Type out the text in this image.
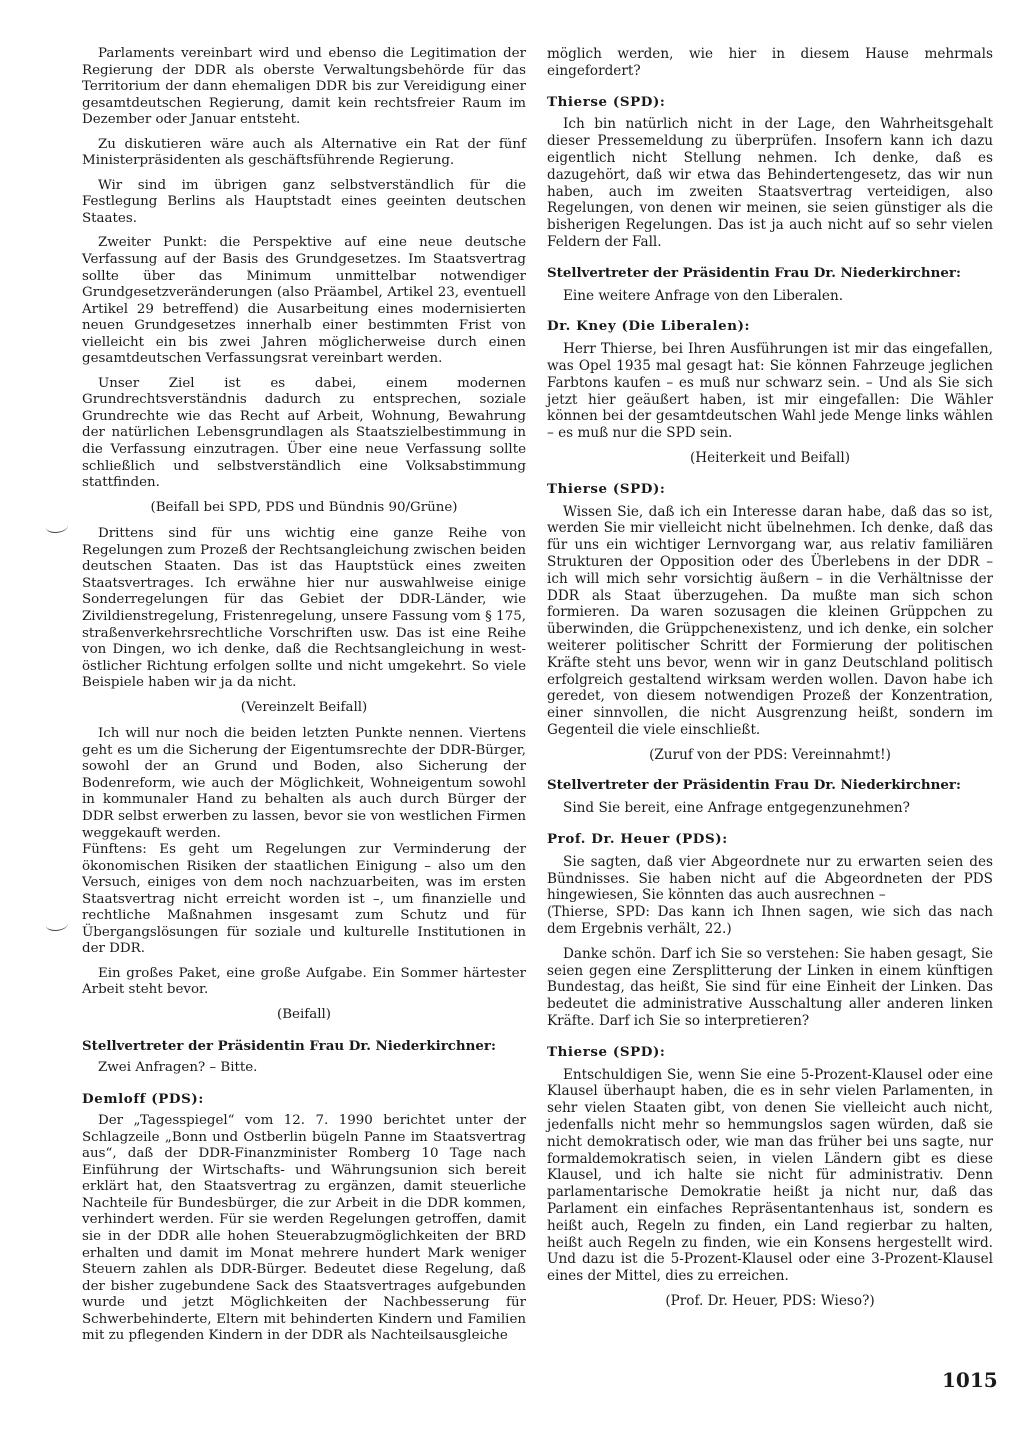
Parlaments vereinbart wird und ebenso die Legitimation der Regierung der DDR als oberste Verwaltungsbehörde für das Territorium der dann ehemaligen DDR bis zur Vereidigung einer gesamtdeutschen Regierung, damit kein rechtsfreier Raum im Dezember oder Januar entsteht.

Zu diskutieren wäre auch als Alternative ein Rat der fünf Ministerpräsidenten als geschäftsführende Regierung.

Wir sind im übrigen ganz selbstverständlich für die Festlegung Berlins als Hauptstadt eines geeinten deutschen Staates.

Zweiter Punkt: die Perspektive auf eine neue deutsche Verfassung auf der Basis des Grundgesetzes. Im Staatsvertrag sollte über das Minimum unmittelbar notwendiger Grundgesetzveränderungen (also Präambel, Artikel 23, eventuell Artikel 29 betreffend) die Ausarbeitung eines modernisierten neuen Grundgesetzes innerhalb einer bestimmten Frist von vielleicht ein bis zwei Jahren möglicherweise durch einen gesamtdeutschen Verfassungsrat vereinbart werden.

Unser Ziel ist es dabei, einem modernen Grundrechtsverständnis dadurch zu entsprechen, soziale Grundrechte wie das Recht auf Arbeit, Wohnung, Bewahrung der natürlichen Lebensgrundlagen als Staatszielbestimmung in die Verfassung einzutragen. Über eine neue Verfassung sollte schließlich und selbstverständlich eine Volksabstimmung stattfinden.

(Beifall bei SPD, PDS und Bündnis 90/Grüne)

Drittens sind für uns wichtig eine ganze Reihe von Regelungen zum Prozeß der Rechtsangleichung zwischen beiden deutschen Staaten. Das ist das Hauptstück eines zweiten Staatsvertrages. Ich erwähne hier nur auswahlweise einige Sonderregelungen für das Gebiet der DDR-Länder, wie Zivildienstregelung, Fristenregelung, unsere Fassung vom § 175, straßenverkehrsrechtliche Vorschriften usw. Das ist eine Reihe von Dingen, wo ich denke, daß die Rechtsangleichung in west-östlicher Richtung erfolgen sollte und nicht umgekehrt. So viele Beispiele haben wir ja da nicht.

(Vereinzelt Beifall)

Ich will nur noch die beiden letzten Punkte nennen. Viertens geht es um die Sicherung der Eigentumsrechte der DDR-Bürger, sowohl der an Grund und Boden, also Sicherung der Bodenreform, wie auch der Möglichkeit, Wohneigentum sowohl in kommunaler Hand zu behalten als auch durch Bürger der DDR selbst erwerben zu lassen, bevor sie von westlichen Firmen weggekauft werden.

Fünftens: Es geht um Regelungen zur Verminderung der ökonomischen Risiken der staatlichen Einigung – also um den Versuch, einiges von dem noch nachzuarbeiten, was im ersten Staatsvertrag nicht erreicht worden ist –, um finanzielle und rechtliche Maßnahmen insgesamt zum Schutz und für Übergangslösungen für soziale und kulturelle Institutionen in der DDR.

Ein großes Paket, eine große Aufgabe. Ein Sommer härtester Arbeit steht bevor.

(Beifall)

Stellvertreter der Präsidentin Frau Dr. Niederkirchner:

Zwei Anfragen? – Bitte.

Demloff (PDS):

Der „Tagesspiegel“ vom 12. 7. 1990 berichtet unter der Schlagzeile „Bonn und Ostberlin bügeln Panne im Staatsvertrag aus“, daß der DDR-Finanzminister Romberg 10 Tage nach Einführung der Wirtschafts- und Währungsunion sich bereit erklärt hat, den Staatsvertrag zu ergänzen, damit steuerliche Nachteile für Bundesbürger, die zur Arbeit in die DDR kommen, verhindert werden. Für sie werden Regelungen getroffen, damit sie in der DDR alle hohen Steuerabzugmöglichkeiten der BRD erhalten und damit im Monat mehrere hundert Mark weniger Steuern zahlen als DDR-Bürger. Bedeutet diese Regelung, daß der bisher zugebundene Sack des Staatsvertrages aufgebunden wurde und jetzt Möglichkeiten der Nachbesserung für Schwerbehinderte, Eltern mit behinderten Kindern und Familien mit zu pflegenden Kindern in der DDR als Nachteilsausgleiche

möglich werden, wie hier in diesem Hause mehrmals eingefordert?

Thierse (SPD):

Ich bin natürlich nicht in der Lage, den Wahrheitsgehalt dieser Pressemeldung zu überprüfen. Insofern kann ich dazu eigentlich nicht Stellung nehmen. Ich denke, daß es dazugehört, daß wir etwa das Behindertengesetz, das wir nun haben, auch im zweiten Staatsvertrag verteidigen, also Regelungen, von denen wir meinen, sie seien günstiger als die bisherigen Regelungen. Das ist ja auch nicht auf so sehr vielen Feldern der Fall.

Stellvertreter der Präsidentin Frau Dr. Niederkirchner:

Eine weitere Anfrage von den Liberalen.

Dr. Kney (Die Liberalen):

Herr Thierse, bei Ihren Ausführungen ist mir das eingefallen, was Opel 1935 mal gesagt hat: Sie können Fahrzeuge jeglichen Farbtons kaufen – es muß nur schwarz sein. – Und als Sie sich jetzt hier geäußert haben, ist mir eingefallen: Die Wähler können bei der gesamtdeutschen Wahl jede Menge links wählen – es muß nur die SPD sein.

(Heiterkeit und Beifall)

Thierse (SPD):

Wissen Sie, daß ich ein Interesse daran habe, daß das so ist, werden Sie mir vielleicht nicht übelnehmen. Ich denke, daß das für uns ein wichtiger Lernvorgang war, aus relativ familiären Strukturen der Opposition oder des Überlebens in der DDR – ich will mich sehr vorsichtig äußern – in die Verhältnisse der DDR als Staat überzugehen. Da mußte man sich schon formieren. Da waren sozusagen die kleinen Grüppchen zu überwinden, die Grüppchenexistenz, und ich denke, ein solcher weiterer politischer Schritt der Formierung der politischen Kräfte steht uns bevor, wenn wir in ganz Deutschland politisch erfolgreich gestaltend wirksam werden wollen. Davon habe ich geredet, von diesem notwendigen Prozeß der Konzentration, einer sinnvollen, die nicht Ausgrenzung heißt, sondern im Gegenteil die viele einschließt.

(Zuruf von der PDS: Vereinnahmt!)

Stellvertreter der Präsidentin Frau Dr. Niederkirchner:

Sind Sie bereit, eine Anfrage entgegenzunehmen?

Prof. Dr. Heuer (PDS):

Sie sagten, daß vier Abgeordnete nur zu erwarten seien des Bündnisses. Sie haben nicht auf die Abgeordneten der PDS hingewiesen, Sie könnten das auch ausrechnen –

(Thierse, SPD: Das kann ich Ihnen sagen, wie sich das nach dem Ergebnis verhält, 22.)

Danke schön. Darf ich Sie so verstehen: Sie haben gesagt, Sie seien gegen eine Zersplitterung der Linken in einem künftigen Bundestag, das heißt, Sie sind für eine Einheit der Linken. Das bedeutet die administrative Ausschaltung aller anderen linken Kräfte. Darf ich Sie so interpretieren?

Thierse (SPD):

Entschuldigen Sie, wenn Sie eine 5-Prozent-Klausel oder eine Klausel überhaupt haben, die es in sehr vielen Parlamenten, in sehr vielen Staaten gibt, von denen Sie vielleicht auch nicht, jedenfalls nicht mehr so hemmungslos sagen würden, daß sie nicht demokratisch oder, wie man das früher bei uns sagte, nur formaldemokratisch seien, in vielen Ländern gibt es diese Klausel, und ich halte sie nicht für administrativ. Denn parlamentarische Demokratie heißt ja nicht nur, daß das Parlament ein einfaches Repräsentantenhaus ist, sondern es heißt auch, Regeln zu finden, ein Land regierbar zu halten, heißt auch Regeln zu finden, wie ein Konsens hergestellt wird. Und dazu ist die 5-Prozent-Klausel oder eine 3-Prozent-Klausel eines der Mittel, dies zu erreichen.

(Prof. Dr. Heuer, PDS: Wieso?)

1015
